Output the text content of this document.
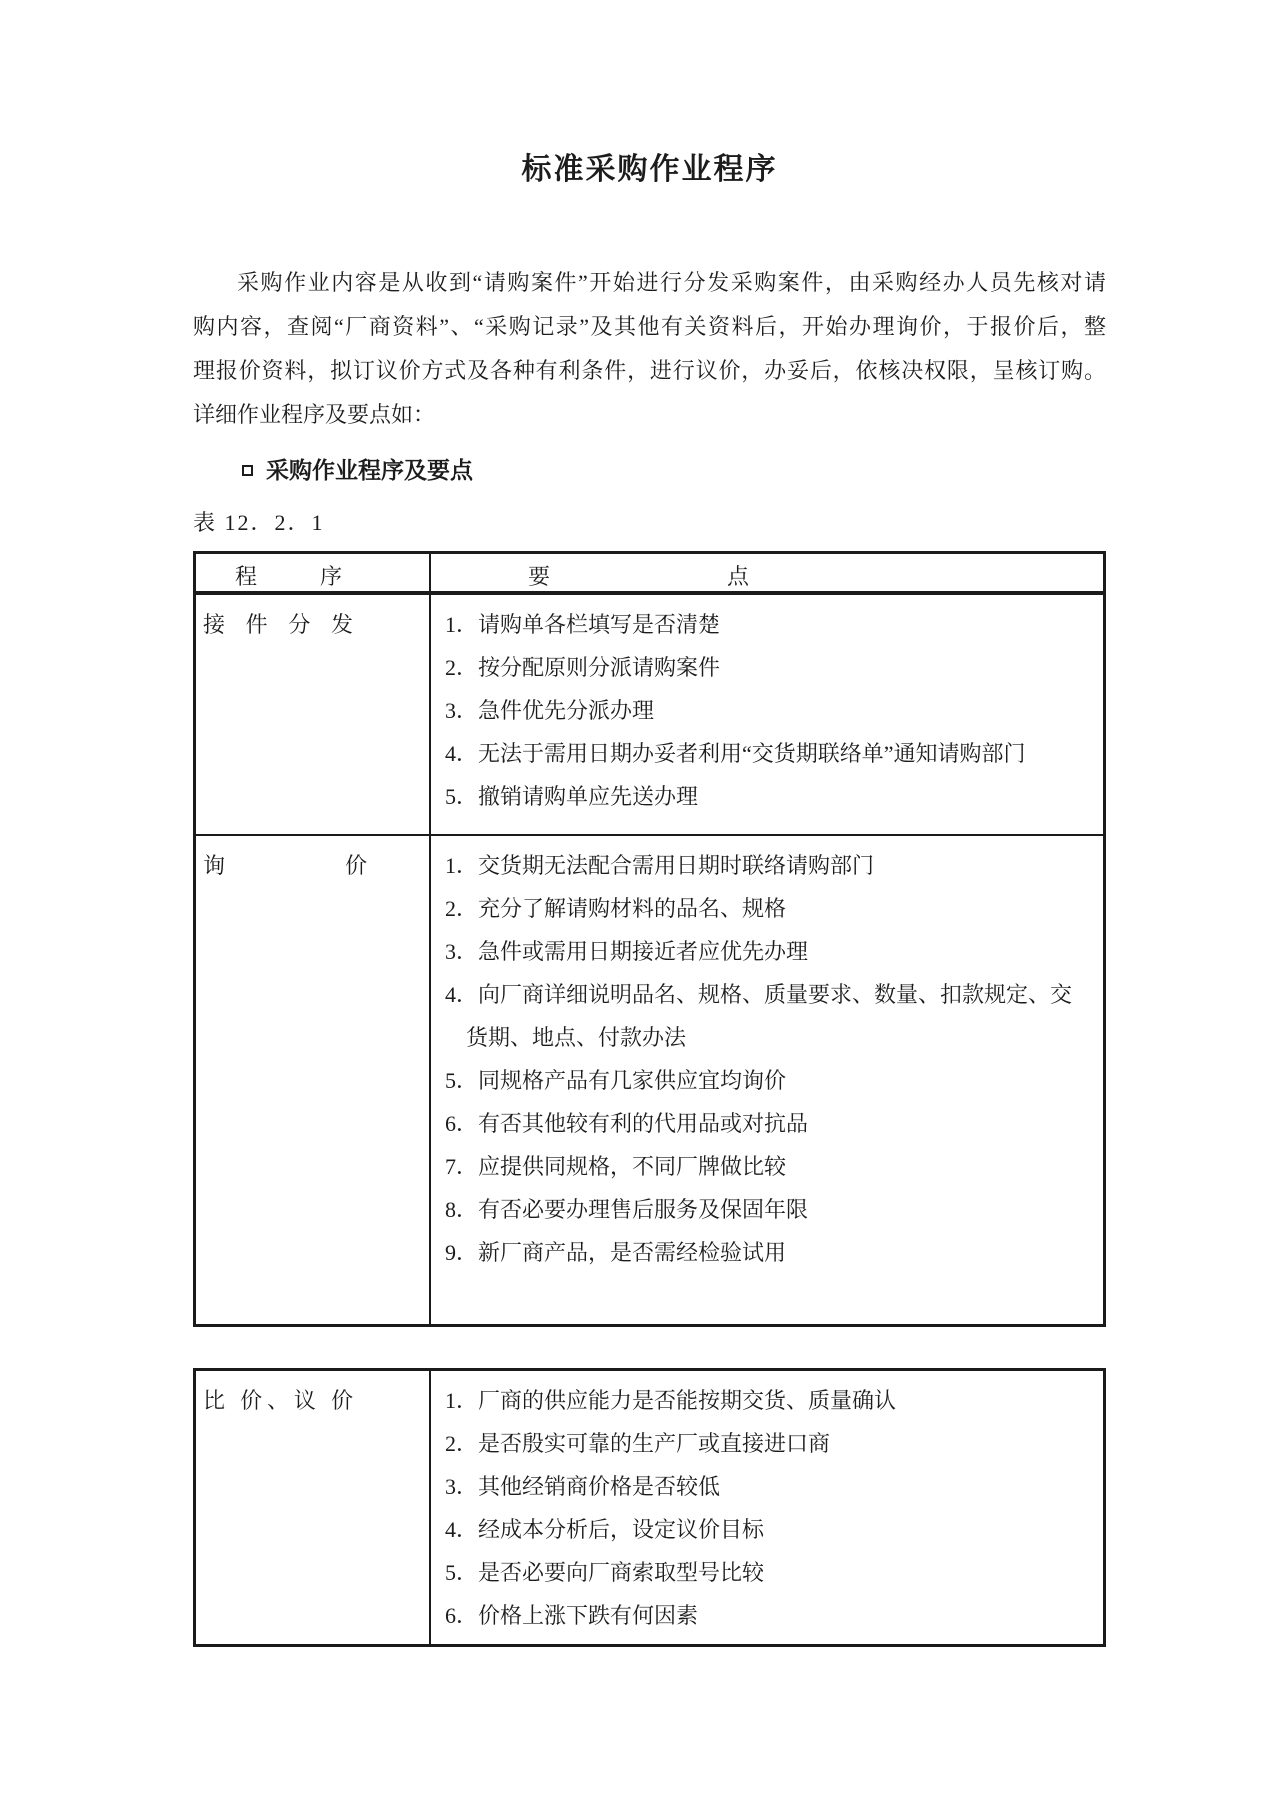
标准采购作业程序
采购作业内容是从收到“请购案件”开始进行分发采购案件，由采购经办人员先核对请
购内容，查阅“厂商资料”、“采购记录”及其他有关资料后，开始办理询价，于报价后，整
理报价资料，拟订议价方式及各种有利条件，进行议价，办妥后，依核决权限，呈核订购。
详细作业程序及要点如：
采购作业程序及要点
表 12．2．1
程 序	要 点
接 件 分 发	1．请购单各栏填写是否清楚
2．按分配原则分派请购案件
3．急件优先分派办理
4．无法于需用日期办妥者利用“交货期联络单”通知请购部门
5．撤销请购单应先送办理
询 价	1．交货期无法配合需用日期时联络请购部门
2．充分了解请购材料的品名、规格
3．急件或需用日期接近者应优先办理
4．向厂商详细说明品名、规格、质量要求、数量、扣款规定、交货期、地点、付款办法
5．同规格产品有几家供应宜均询价
6．有否其他较有利的代用品或对抗品
7．应提供同规格，不同厂牌做比较
8．有否必要办理售后服务及保固年限
9．新厂商产品，是否需经检验试用
比 价、议 价	1．厂商的供应能力是否能按期交货、质量确认
2．是否殷实可靠的生产厂或直接进口商
3．其他经销商价格是否较低
4．经成本分析后，设定议价目标
5．是否必要向厂商索取型号比较
6．价格上涨下跌有何因素
